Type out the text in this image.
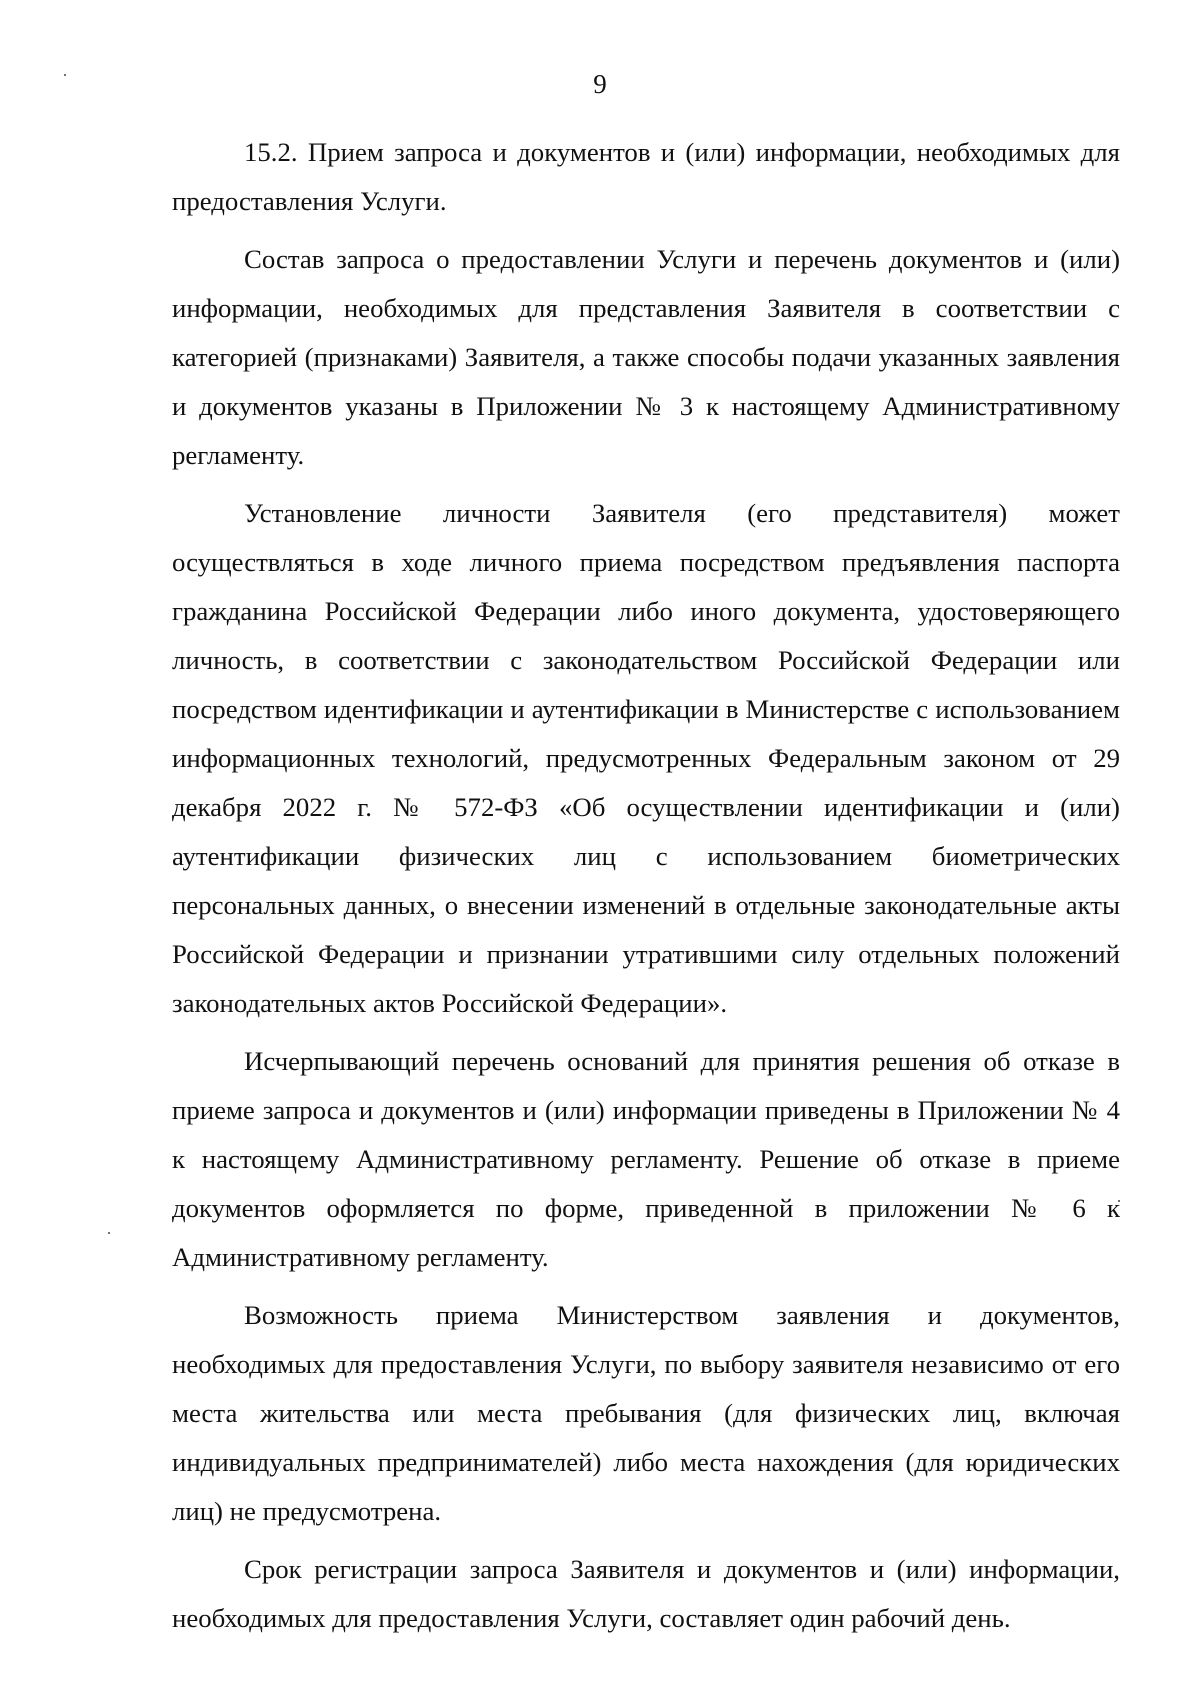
9

15.2. Прием запроса и документов и (или) информации, необходимых для предоставления Услуги.

Состав запроса о предоставлении Услуги и перечень документов и (или) информации, необходимых для представления Заявителя в соответствии с категорией (признаками) Заявителя, а также способы подачи указанных заявления и документов указаны в Приложении № 3 к настоящему Административному регламенту.

Установление личности Заявителя (его представителя) может осуществляться в ходе личного приема посредством предъявления паспорта гражданина Российской Федерации либо иного документа, удостоверяющего личность, в соответствии с законодательством Российской Федерации или посредством идентификации и аутентификации в Министерстве с использованием информационных технологий, предусмотренных Федеральным законом от 29 декабря 2022 г. № 572-ФЗ «Об осуществлении идентификации и (или) аутентификации физических лиц с использованием биометрических персональных данных, о внесении изменений в отдельные законодательные акты Российской Федерации и признании утратившими силу отдельных положений законодательных актов Российской Федерации».

Исчерпывающий перечень оснований для принятия решения об отказе в приеме запроса и документов и (или) информации приведены в Приложении № 4 к настоящему Административному регламенту. Решение об отказе в приеме документов оформляется по форме, приведенной в приложении № 6 к Административному регламенту.

Возможность приема Министерством заявления и документов, необходимых для предоставления Услуги, по выбору заявителя независимо от его места жительства или места пребывания (для физических лиц, включая индивидуальных предпринимателей) либо места нахождения (для юридических лиц) не предусмотрена.

Срок регистрации запроса Заявителя и документов и (или) информации, необходимых для предоставления Услуги, составляет один рабочий день.
